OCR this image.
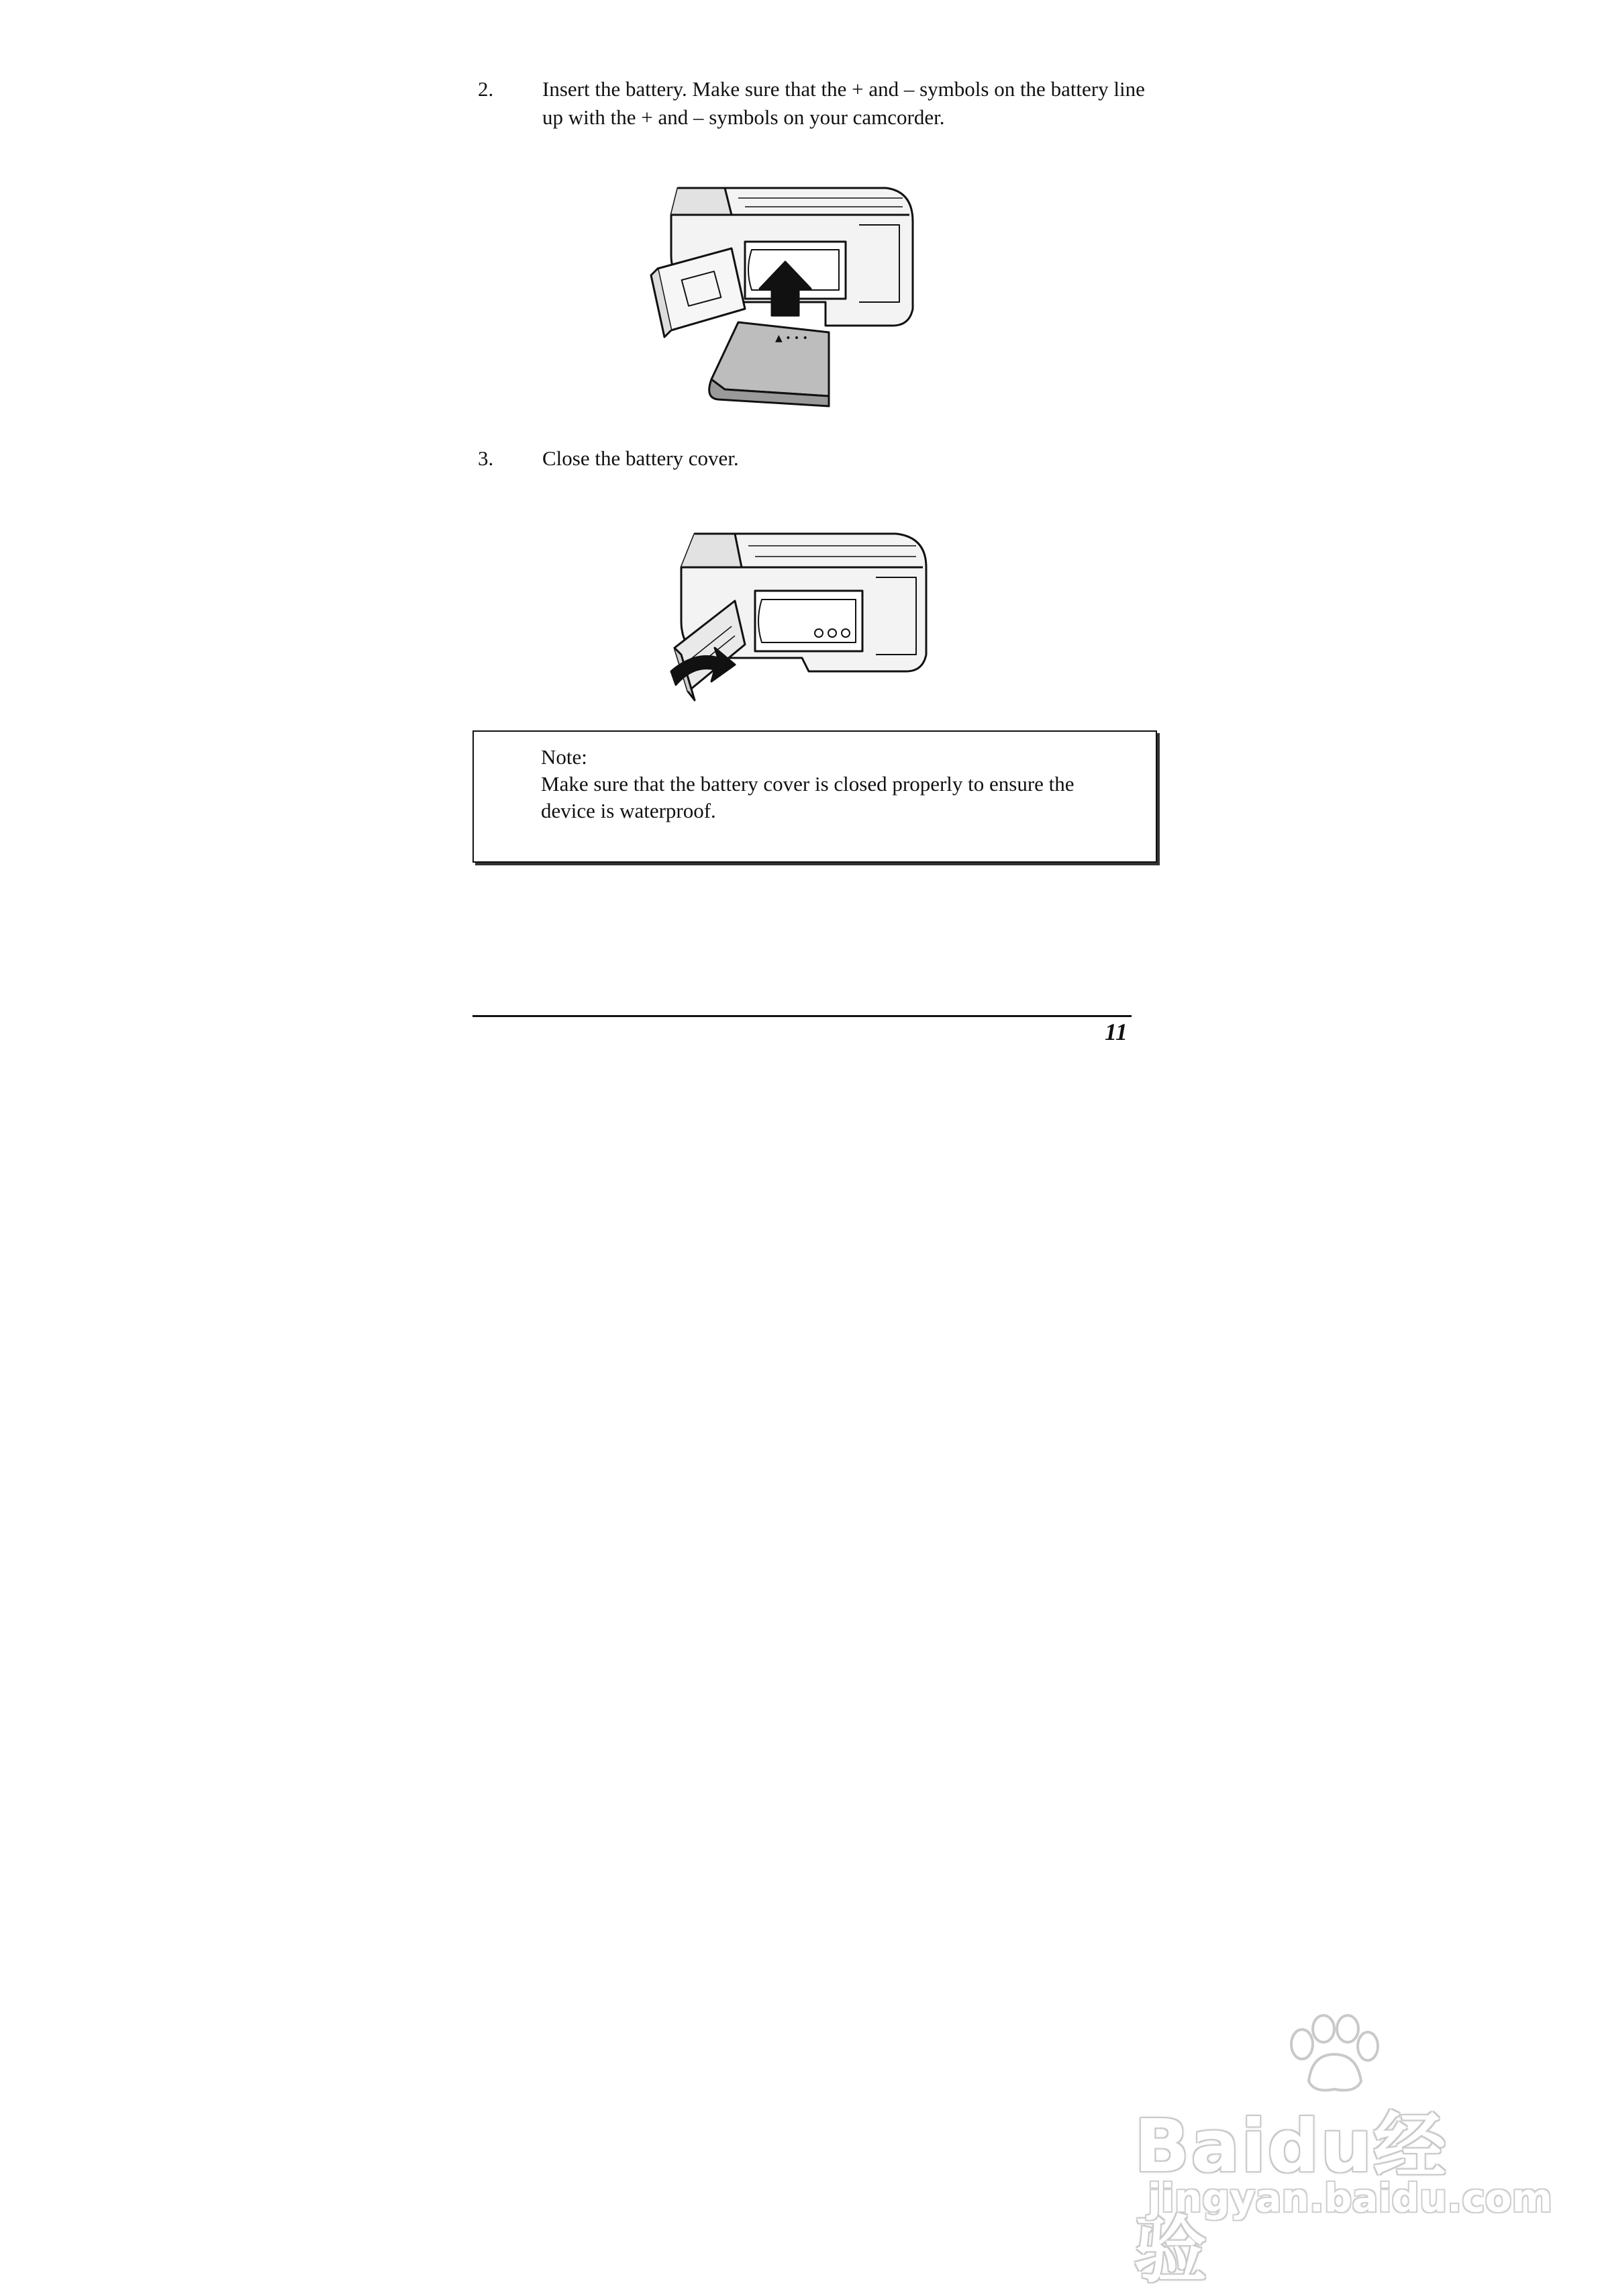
2. Insert the battery. Make sure that the + and – symbols on the battery line up with the + and – symbols on your camcorder.
▲ • • •
3. Close the battery cover.
Note:
Make sure that the battery cover is closed properly to ensure the device is waterproof.
11
Baidu经验
jingyan.baidu.com
